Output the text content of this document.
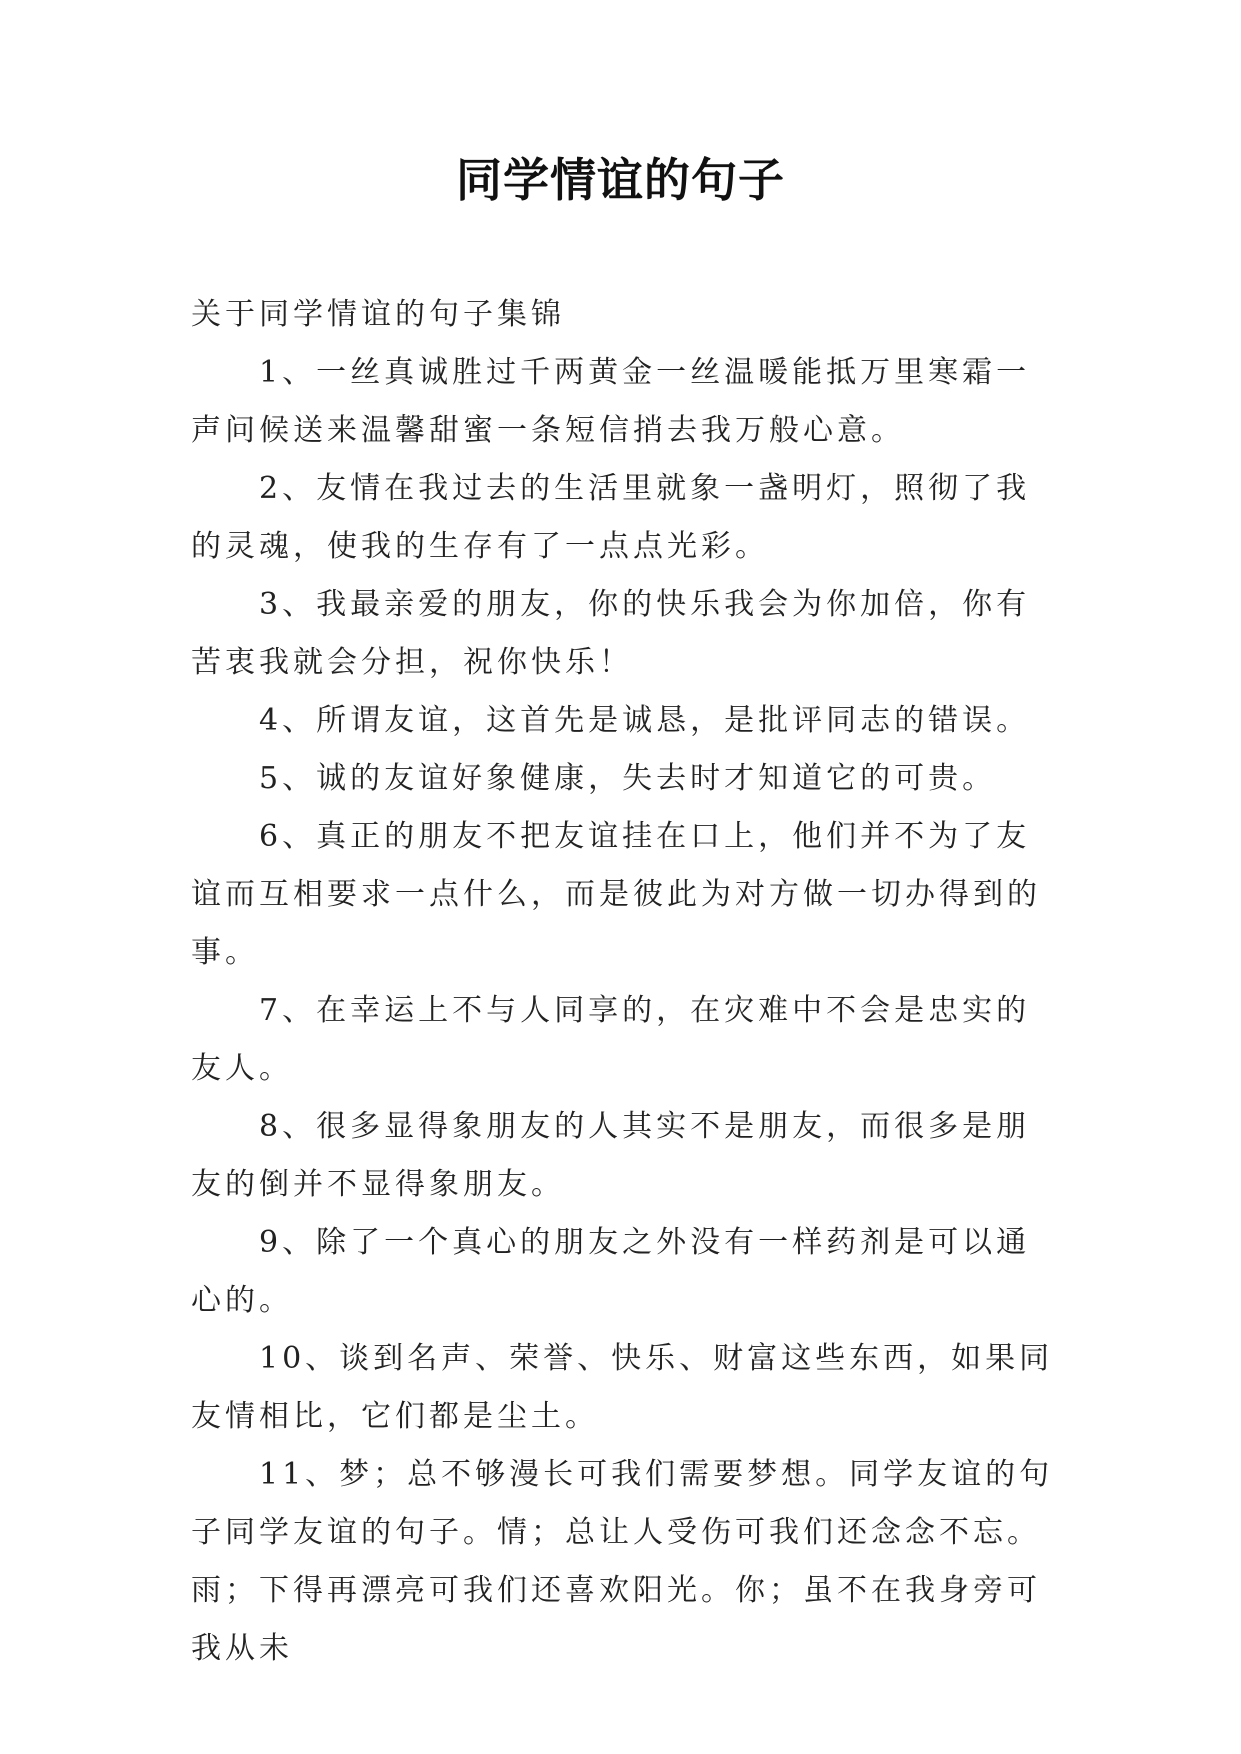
同学情谊的句子

关于同学情谊的句子集锦

1、一丝真诚胜过千两黄金一丝温暖能抵万里寒霜一声问候送来温馨甜蜜一条短信捎去我万般心意。

2、友情在我过去的生活里就象一盏明灯，照彻了我的灵魂，使我的生存有了一点点光彩。

3、我最亲爱的朋友，你的快乐我会为你加倍，你有苦衷我就会分担，祝你快乐！

4、所谓友谊，这首先是诚恳，是批评同志的错误。

5、诚的友谊好象健康，失去时才知道它的可贵。

6、真正的朋友不把友谊挂在口上，他们并不为了友谊而互相要求一点什么，而是彼此为对方做一切办得到的事。

7、在幸运上不与人同享的，在灾难中不会是忠实的友人。

8、很多显得象朋友的人其实不是朋友，而很多是朋友的倒并不显得象朋友。

9、除了一个真心的朋友之外没有一样药剂是可以通心的。

10、谈到名声、荣誉、快乐、财富这些东西，如果同友情相比，它们都是尘土。

11、梦；总不够漫长可我们需要梦想。同学友谊的句子同学友谊的句子。情；总让人受伤可我们还念念不忘。雨；下得再漂亮可我们还喜欢阳光。你；虽不在我身旁可我从未
